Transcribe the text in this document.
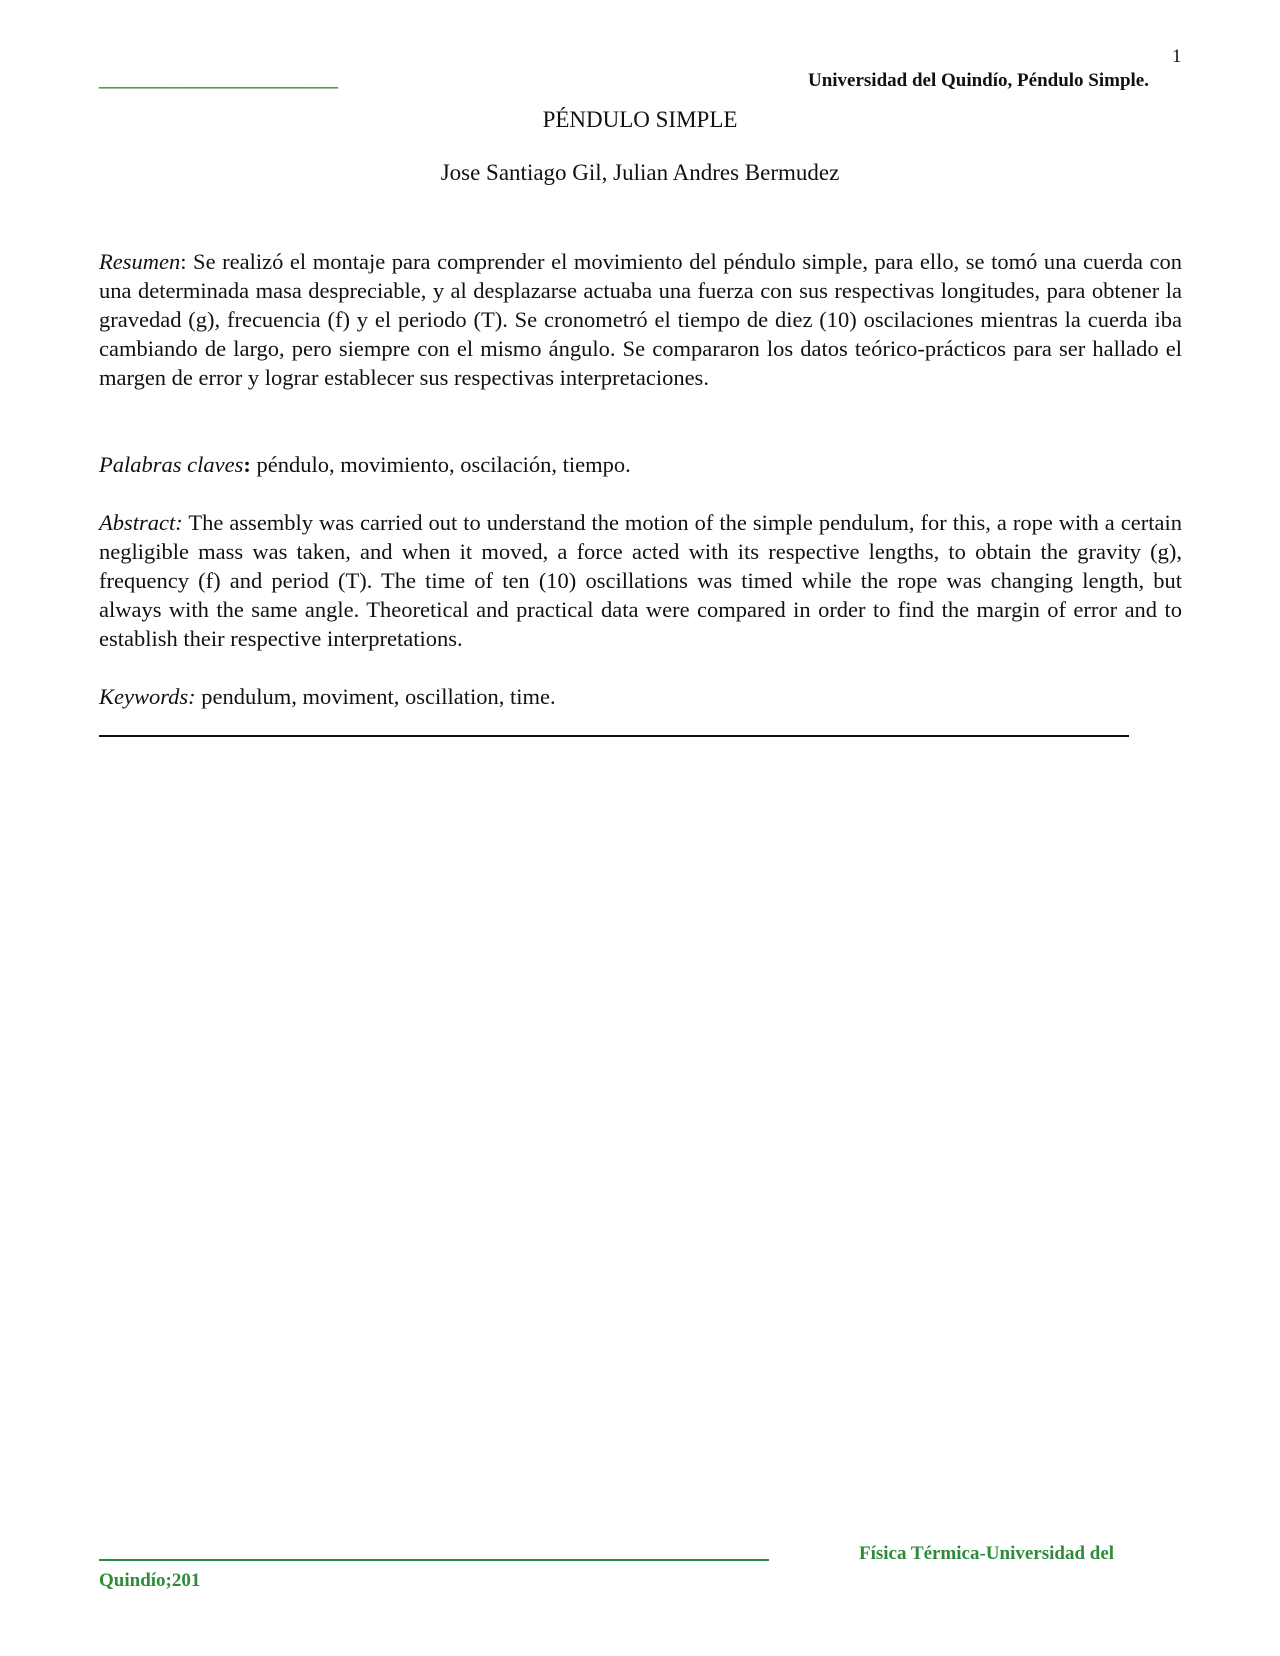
1
____________________________	Universidad del Quindío, Péndulo Simple.
PÉNDULO SIMPLE
Jose Santiago Gil, Julian Andres Bermudez

Resumen: Se realizó el montaje para comprender el movimiento del péndulo simple, para ello, se tomó una cuerda con una determinada masa despreciable, y al desplazarse actuaba una fuerza con sus respectivas longitudes, para obtener la gravedad (g), frecuencia (f) y el periodo (T). Se cronometró el tiempo de diez (10) oscilaciones mientras la cuerda iba cambiando de largo, pero siempre con el mismo ángulo. Se compararon los datos teórico-prácticos para ser hallado el margen de error y lograr establecer sus respectivas interpretaciones.

Palabras claves: péndulo, movimiento, oscilación, tiempo.

Abstract: The assembly was carried out to understand the motion of the simple pendulum, for this, a rope with a certain negligible mass was taken, and when it moved, a force acted with its respective lengths, to obtain the gravity (g), frequency (f) and period (T). The time of ten (10) oscillations was timed while the rope was changing length, but always with the same angle. Theoretical and practical data were compared in order to find the margin of error and to establish their respective interpretations.

Keywords: pendulum, moviment, oscillation, time.

Física Térmica-Universidad del
Quindío;201
